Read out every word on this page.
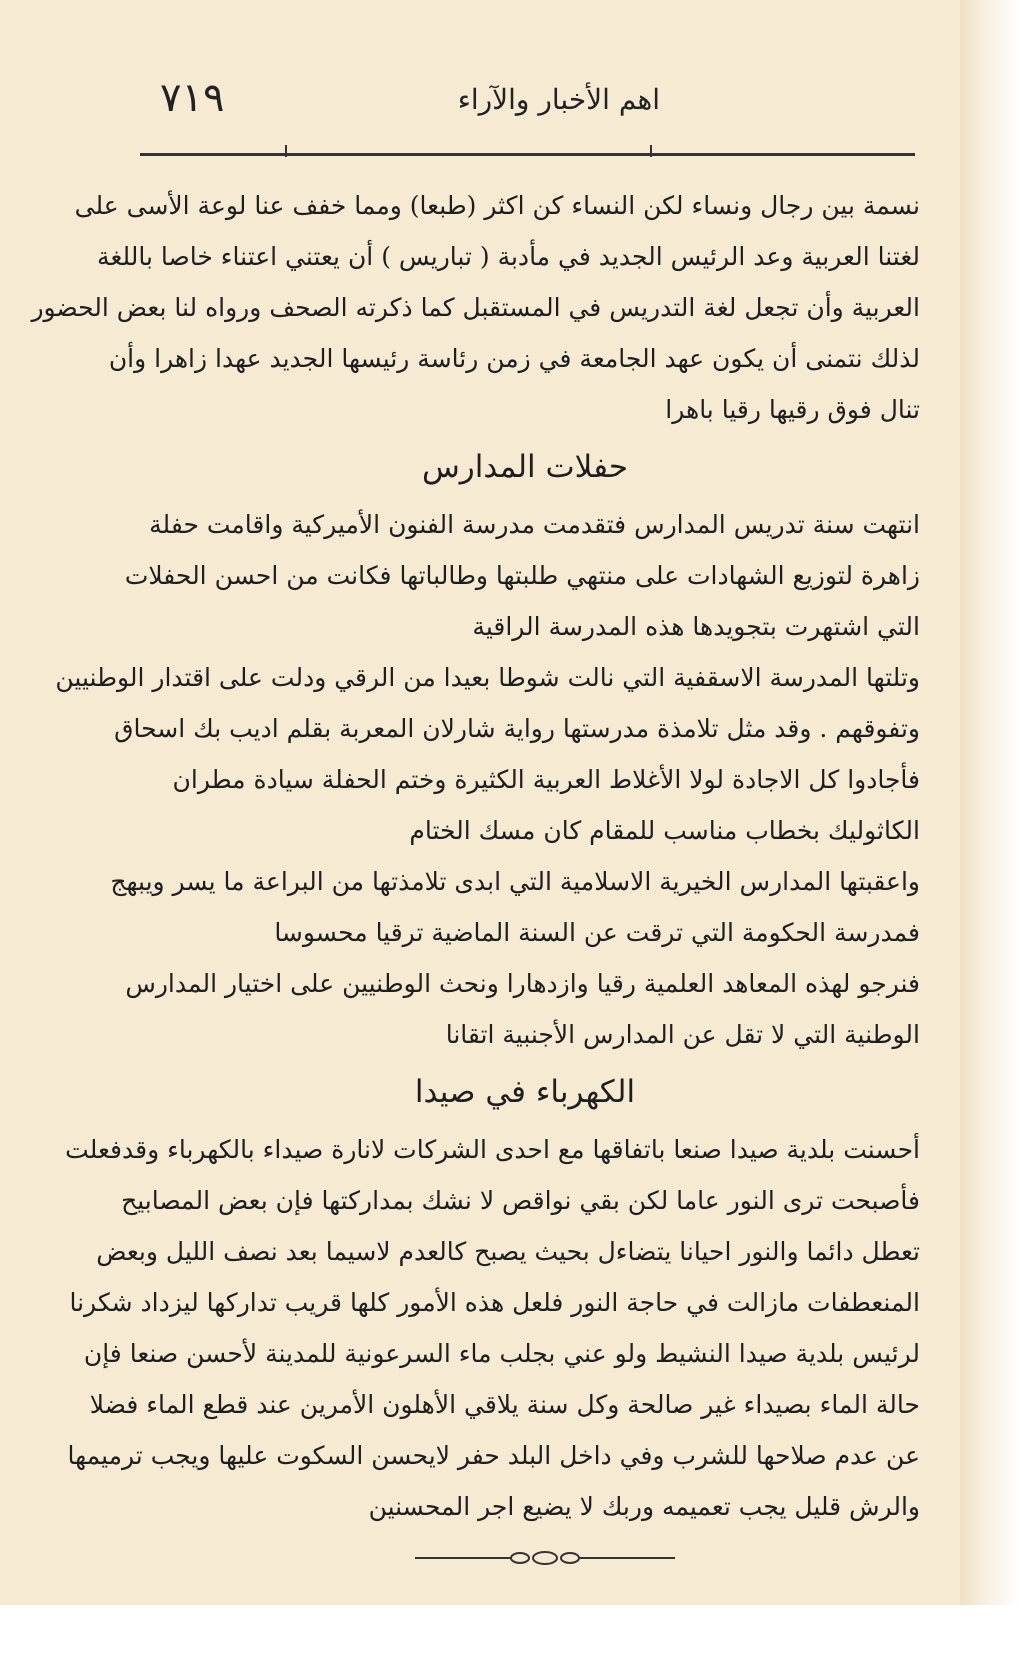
٧١٩	اهم الأخبار والآراء
نسمة بين رجال ونساء لكن النساء كن اكثر (طبعا) ومما خفف عنا لوعة الأسى على
لغتنا العربية وعد الرئيس الجديد في مأدبة ( تباريس ) أن يعتني اعتناء خاصا باللغة
العربية وأن تجعل لغة التدريس في المستقبل كما ذكرته الصحف ورواه لنا بعض الحضور
لذلك نتمنى أن يكون عهد الجامعة في زمن رئاسة رئيسها الجديد عهدا زاهرا وأن
تنال فوق رقيها رقيا باهرا
حفلات المدارس
انتهت سنة تدريس المدارس فتقدمت مدرسة الفنون الأميركية واقامت حفلة
زاهرة لتوزيع الشهادات على منتهي طلبتها وطالباتها فكانت من احسن الحفلات
التي اشتهرت بتجويدها هذه المدرسة الراقية
وتلتها المدرسة الاسقفية التي نالت شوطا بعيدا من الرقي ودلت على اقتدار الوطنيين
وتفوقهم . وقد مثل تلامذة مدرستها رواية شارلان المعربة بقلم اديب بك اسحاق
فأجادوا كل الاجادة لولا الأغلاط العربية الكثيرة وختم الحفلة سيادة مطران
الكاثوليك بخطاب مناسب للمقام كان مسك الختام
واعقبتها المدارس الخيرية الاسلامية التي ابدى تلامذتها من البراعة ما يسر ويبهج
فمدرسة الحكومة التي ترقت عن السنة الماضية ترقيا محسوسا
فنرجو لهذه المعاهد العلمية رقيا وازدهارا ونحث الوطنيين على اختيار المدارس
الوطنية التي لا تقل عن المدارس الأجنبية اتقانا
الكهرباء في صيدا
أحسنت بلدية صيدا صنعا باتفاقها مع احدى الشركات لانارة صيداء بالكهرباء وقدفعلت
فأصبحت ترى النور عاما لكن بقي نواقص لا نشك بمداركتها فإن بعض المصابيح
تعطل دائما والنور احيانا يتضاءل بحيث يصبح كالعدم لاسيما بعد نصف الليل وبعض
المنعطفات مازالت في حاجة النور فلعل هذه الأمور كلها قريب تداركها ليزداد شكرنا
لرئيس بلدية صيدا النشيط ولو عني بجلب ماء السرعونية للمدينة لأحسن صنعا فإن
حالة الماء بصيداء غير صالحة وكل سنة يلاقي الأهلون الأمرين عند قطع الماء فضلا
عن عدم صلاحها للشرب وفي داخل البلد حفر لايحسن السكوت عليها ويجب ترميمها
والرش قليل يجب تعميمه وربك لا يضيع اجر المحسنين
